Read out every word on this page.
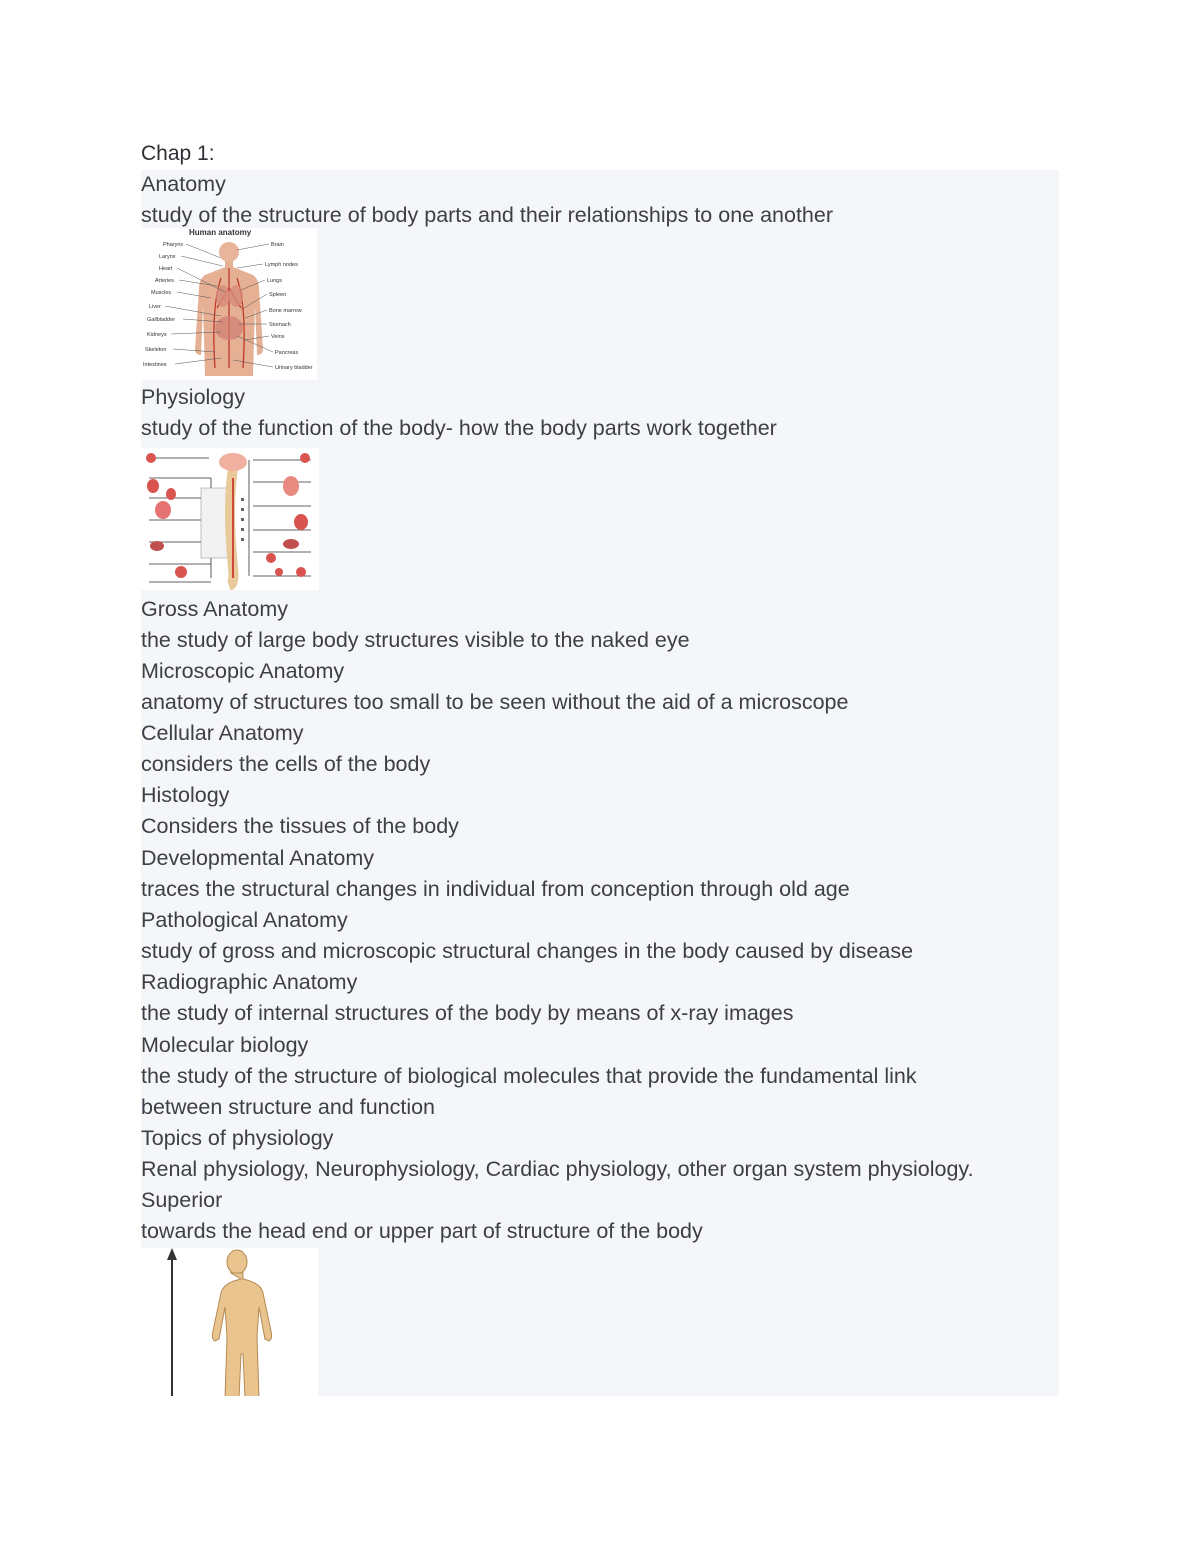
Chap 1:
Anatomy
study of the structure of body parts and their relationships to one another
Human anatomy
Pharynx
Larynx
Heart
Arteries
Muscles
Liver
Gallbladder
Kidneys
Skeleton
Intestines
Brain
Lymph nodes
Lungs
Spleen
Bone marrow
Stomach
Veins
Pancreas
Urinary bladder
Physiology
study of the function of the body- how the body parts work together
Gross Anatomy
the study of large body structures visible to the naked eye
Microscopic Anatomy
anatomy of structures too small to be seen without the aid of a microscope
Cellular Anatomy
considers the cells of the body
Histology
Considers the tissues of the body
Developmental Anatomy
traces the structural changes in individual from conception through old age
Pathological Anatomy
study of gross and microscopic structural changes in the body caused by disease
Radiographic Anatomy
the study of internal structures of the body by means of x-ray images
Molecular biology
the study of the structure of biological molecules that provide the fundamental link
between structure and function
Topics of physiology
Renal physiology, Neurophysiology, Cardiac physiology, other organ system physiology.
Superior
towards the head end or upper part of structure of the body
